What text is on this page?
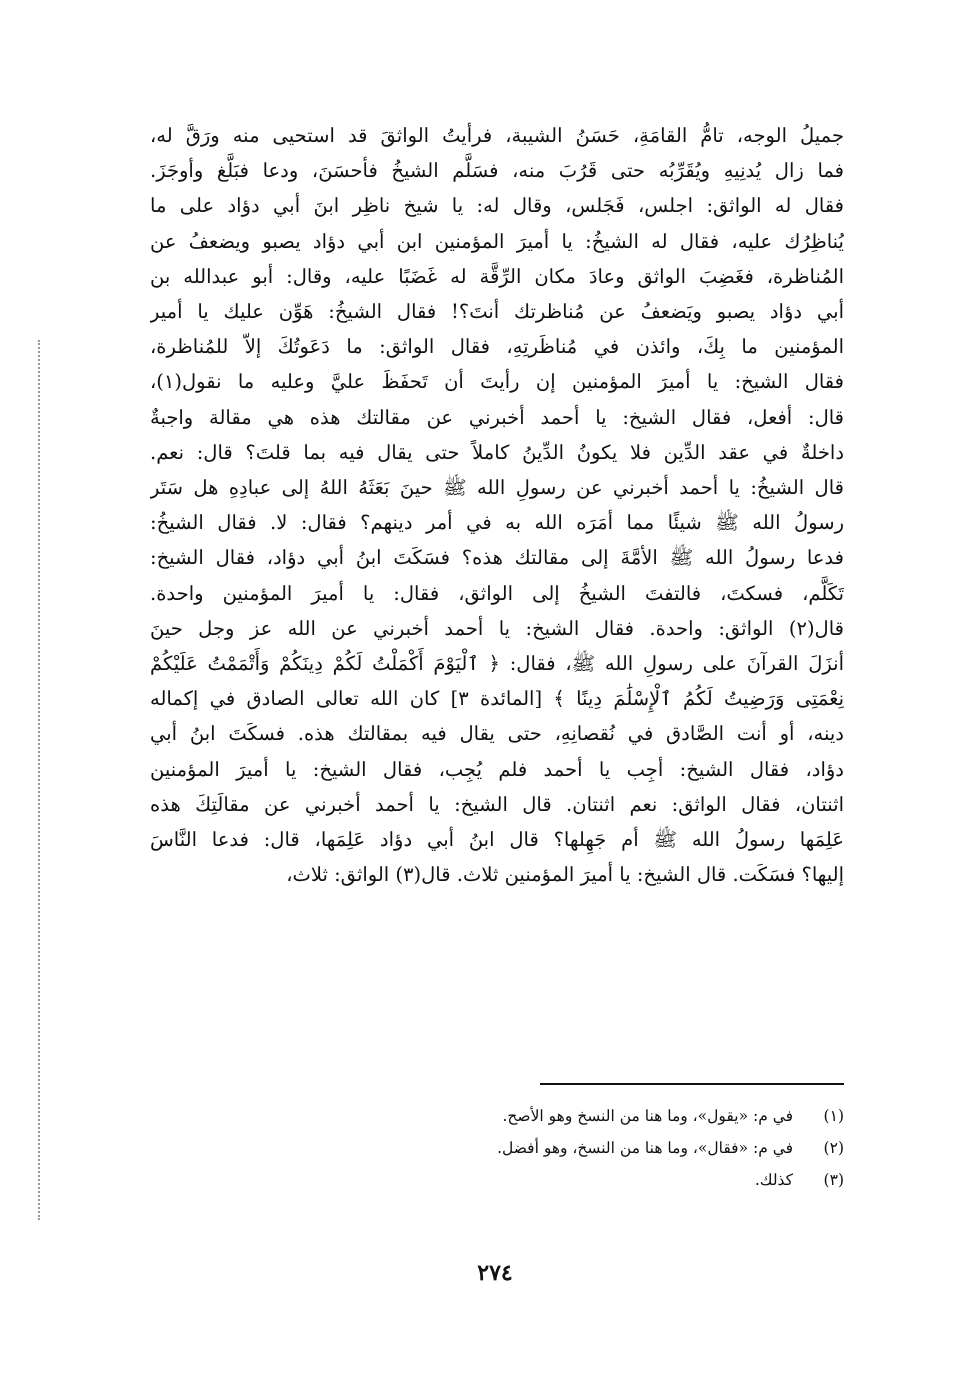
جميلُ الوجه، تامُّ القامَةِ، حَسَنُ الشيبة، فرأيتُ الواثقَ قد استحيى منه ورَقَّ له،
فما زال يُدنِيهِ ويُقَرِّبُه حتى قَرُبَ منه، فسَلَّم الشيخُ فأحسَنَ، ودعا فبَلَّغ وأوجَزَ.
فقال له الواثق: اجلس، فَجَلس، وقال له: يا شيخ ناظِر ابنَ أبي دؤاد على ما
يُناظِرُك عليه، فقال له الشيخُ: يا أميرَ المؤمنين ابن أبي دؤاد يصبو ويضعفُ عن
المُناظرة، فغَضِبَ الواثق وعادَ مكان الرِّقَّة له غَضَبًا عليه، وقال: أبو عبدالله بن
أبي دؤاد يصبو ويَضعفُ عن مُناظرتك أنتَ؟! فقال الشيخُ: هَوِّن عليك يا أمير
المؤمنين ما بِكَ، وائذن في مُناظَرتِهِ، فقال الواثق: ما دَعَوتُكَ إلاّ للمُناظرة،
فقال الشيخ: يا أميرَ المؤمنين إن رأيتَ أن تَحفَظَ عليَّ وعليه ما نقول(١)،
قال: أفعل، فقال الشيخ: يا أحمد أخبرني عن مقالتك هذه هي مقالة واجبةٌ
داخلةٌ في عقد الدِّين فلا يكونُ الدِّينُ كاملاً حتى يقال فيه بما قلتَ؟ قال: نعم.
قال الشيخُ: يا أحمد أخبرني عن رسولِ الله ﷺ حينَ بَعَثَهُ اللهُ إلى عبادِهِ هل سَتَر
رسولُ الله ﷺ شيئًا مما أمَرَه الله به في أمر دينهم؟ فقال: لا. فقال الشيخُ:
فدعا رسولُ الله ﷺ الأمَّةَ إلى مقالتك هذه؟ فسَكَتَ ابنُ أبي دؤاد، فقال الشيخ:
تَكَلَّم، فسكتَ، فالتفتَ الشيخُ إلى الواثق، فقال: يا أميرَ المؤمنين واحدة.
قال(٢) الواثق: واحدة. فقال الشيخ: يا أحمد أخبرني عن الله عز وجل حينَ
أنزَلَ القرآنَ على رسولِ الله ﷺ، فقال: ﴿ ٱلْيَوْمَ أَكْمَلْتُ لَكُمْ دِينَكُمْ وَأَتْمَمْتُ عَلَيْكُمْ
نِعْمَتِى وَرَضِيتُ لَكُمُ ٱلْإِسْلَٰمَ دِينًا ﴾ [المائدة ٣] كان الله تعالى الصادق في إكماله
دينه، أو أنت الصَّادق في نُقصانِهِ، حتى يقال فيه بمقالتك هذه. فسكَتَ ابنُ أبي
دؤاد، فقال الشيخ: أجِب يا أحمد فلم يُجِب، فقال الشيخ: يا أميرَ المؤمنين
اثنتان، فقال الواثق: نعم اثنتان. قال الشيخ: يا أحمد أخبرني عن مقالَتِكَ هذه
عَلِمَها رسولُ الله ﷺ أم جَهِلها؟ قال ابنُ أبي دؤاد عَلِمَها، قال: فدعا النَّاسَ
إليها؟ فسَكَت. قال الشيخ: يا أميرَ المؤمنين ثلاث. قال(٣) الواثق: ثلاث،
(١) في م: «يقول»، وما هنا من النسخ وهو الأصح.
(٢) في م: «فقال»، وما هنا من النسخ، وهو أفضل.
(٣) كذلك.
٢٧٤
